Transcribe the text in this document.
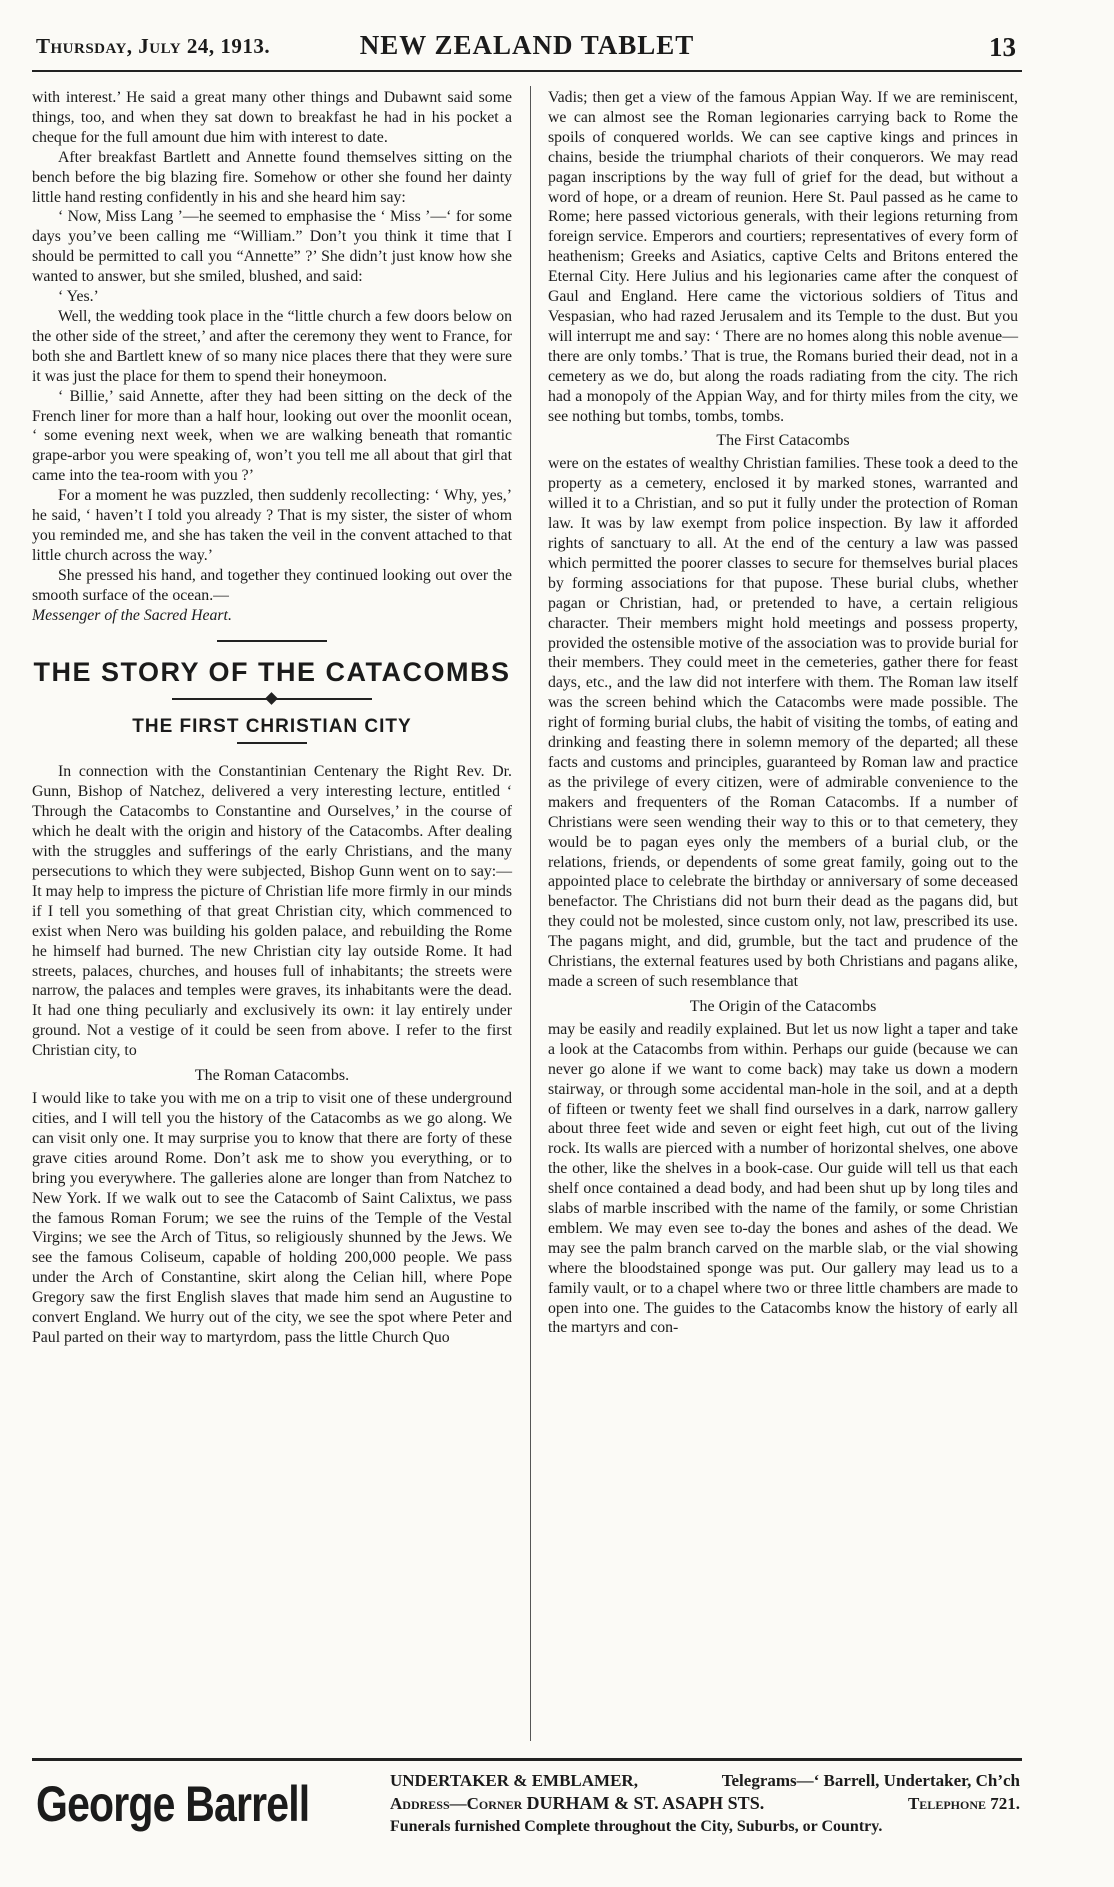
Thursday, July 24, 1913.	NEW ZEALAND TABLET	13

with interest.’ He said a great many other things and Dubawnt said some things, too, and when they sat down to breakfast he had in his pocket a cheque for the full amount due him with interest to date.

After breakfast Bartlett and Annette found themselves sitting on the bench before the big blazing fire. Somehow or other she found her dainty little hand resting confidently in his and she heard him say:

‘ Now, Miss Lang ’—he seemed to emphasise the ‘ Miss ’—‘ for some days you’ve been calling me “William.” Don’t you think it time that I should be permitted to call you “Annette” ?’ She didn’t just know how she wanted to answer, but she smiled, blushed, and said:

‘ Yes.’

Well, the wedding took place in the “little church a few doors below on the other side of the street,’ and after the ceremony they went to France, for both she and Bartlett knew of so many nice places there that they were sure it was just the place for them to spend their honeymoon.

‘ Billie,’ said Annette, after they had been sitting on the deck of the French liner for more than a half hour, looking out over the moonlit ocean, ‘ some evening next week, when we are walking beneath that romantic grape-arbor you were speaking of, won’t you tell me all about that girl that came into the tea-room with you ?’

For a moment he was puzzled, then suddenly recollecting: ‘ Why, yes,’ he said, ‘ haven’t I told you already ? That is my sister, the sister of whom you reminded me, and she has taken the veil in the convent attached to that little church across the way.’

She pressed his hand, and together they continued looking out over the smooth surface of the ocean.—

Messenger of the Sacred Heart.

THE STORY OF THE CATACOMBS
THE FIRST CHRISTIAN CITY

In connection with the Constantinian Centenary the Right Rev. Dr. Gunn, Bishop of Natchez, delivered a very interesting lecture, entitled ‘ Through the Catacombs to Constantine and Ourselves,’ in the course of which he dealt with the origin and history of the Catacombs. After dealing with the struggles and sufferings of the early Christians, and the many persecutions to which they were subjected, Bishop Gunn went on to say:—It may help to impress the picture of Christian life more firmly in our minds if I tell you something of that great Christian city, which commenced to exist when Nero was building his golden palace, and rebuilding the Rome he himself had burned. The new Christian city lay outside Rome. It had streets, palaces, churches, and houses full of inhabitants; the streets were narrow, the palaces and temples were graves, its inhabitants were the dead. It had one thing peculiarly and exclusively its own: it lay entirely under ground. Not a vestige of it could be seen from above. I refer to the first Christian city, to

The Roman Catacombs.

I would like to take you with me on a trip to visit one of these underground cities, and I will tell you the history of the Catacombs as we go along. We can visit only one. It may surprise you to know that there are forty of these grave cities around Rome. Don’t ask me to show you everything, or to bring you everywhere. The galleries alone are longer than from Natchez to New York. If we walk out to see the Catacomb of Saint Calixtus, we pass the famous Roman Forum; we see the ruins of the Temple of the Vestal Virgins; we see the Arch of Titus, so religiously shunned by the Jews. We see the famous Coliseum, capable of holding 200,000 people. We pass under the Arch of Constantine, skirt along the Celian hill, where Pope Gregory saw the first English slaves that made him send an Augustine to convert England. We hurry out of the city, we see the spot where Peter and Paul parted on their way to martyrdom, pass the little Church Quo

Vadis; then get a view of the famous Appian Way. If we are reminiscent, we can almost see the Roman legionaries carrying back to Rome the spoils of conquered worlds. We can see captive kings and princes in chains, beside the triumphal chariots of their conquerors. We may read pagan inscriptions by the way full of grief for the dead, but without a word of hope, or a dream of reunion. Here St. Paul passed as he came to Rome; here passed victorious generals, with their legions returning from foreign service. Emperors and courtiers; representatives of every form of heathenism; Greeks and Asiatics, captive Celts and Britons entered the Eternal City. Here Julius and his legionaries came after the conquest of Gaul and England. Here came the victorious soldiers of Titus and Vespasian, who had razed Jerusalem and its Temple to the dust. But you will interrupt me and say: ‘ There are no homes along this noble avenue—there are only tombs.’ That is true, the Romans buried their dead, not in a cemetery as we do, but along the roads radiating from the city. The rich had a monopoly of the Appian Way, and for thirty miles from the city, we see nothing but tombs, tombs, tombs.

The First Catacombs

were on the estates of wealthy Christian families. These took a deed to the property as a cemetery, enclosed it by marked stones, warranted and willed it to a Christian, and so put it fully under the protection of Roman law. It was by law exempt from police inspection. By law it afforded rights of sanctuary to all. At the end of the century a law was passed which permitted the poorer classes to secure for themselves burial places by forming associations for that pupose. These burial clubs, whether pagan or Christian, had, or pretended to have, a certain religious character. Their members might hold meetings and possess property, provided the ostensible motive of the association was to provide burial for their members. They could meet in the cemeteries, gather there for feast days, etc., and the law did not interfere with them. The Roman law itself was the screen behind which the Catacombs were made possible. The right of forming burial clubs, the habit of visiting the tombs, of eating and drinking and feasting there in solemn memory of the departed; all these facts and customs and principles, guaranteed by Roman law and practice as the privilege of every citizen, were of admirable convenience to the makers and frequenters of the Roman Catacombs. If a number of Christians were seen wending their way to this or to that cemetery, they would be to pagan eyes only the members of a burial club, or the relations, friends, or dependents of some great family, going out to the appointed place to celebrate the birthday or anniversary of some deceased benefactor. The Christians did not burn their dead as the pagans did, but they could not be molested, since custom only, not law, prescribed its use. The pagans might, and did, grumble, but the tact and prudence of the Christians, the external features used by both Christians and pagans alike, made a screen of such resemblance that

The Origin of the Catacombs

may be easily and readily explained. But let us now light a taper and take a look at the Catacombs from within. Perhaps our guide (because we can never go alone if we want to come back) may take us down a modern stairway, or through some accidental man-hole in the soil, and at a depth of fifteen or twenty feet we shall find ourselves in a dark, narrow gallery about three feet wide and seven or eight feet high, cut out of the living rock. Its walls are pierced with a number of horizontal shelves, one above the other, like the shelves in a book-case. Our guide will tell us that each shelf once contained a dead body, and had been shut up by long tiles and slabs of marble inscribed with the name of the family, or some Christian emblem. We may even see to-day the bones and ashes of the dead. We may see the palm branch carved on the marble slab, or the vial showing where the bloodstained sponge was put. Our gallery may lead us to a family vault, or to a chapel where two or three little chambers are made to open into one. The guides to the Catacombs know the history of early all the martyrs and con-

George Barrell	UNDERTAKER & EMBLAMER,	Telegrams—‘ Barrell, Undertaker, Ch’ch
Address—Corner DURHAM & ST. ASAPH STS.	Telephone 721.
Funerals furnished Complete throughout the City, Suburbs, or Country.
